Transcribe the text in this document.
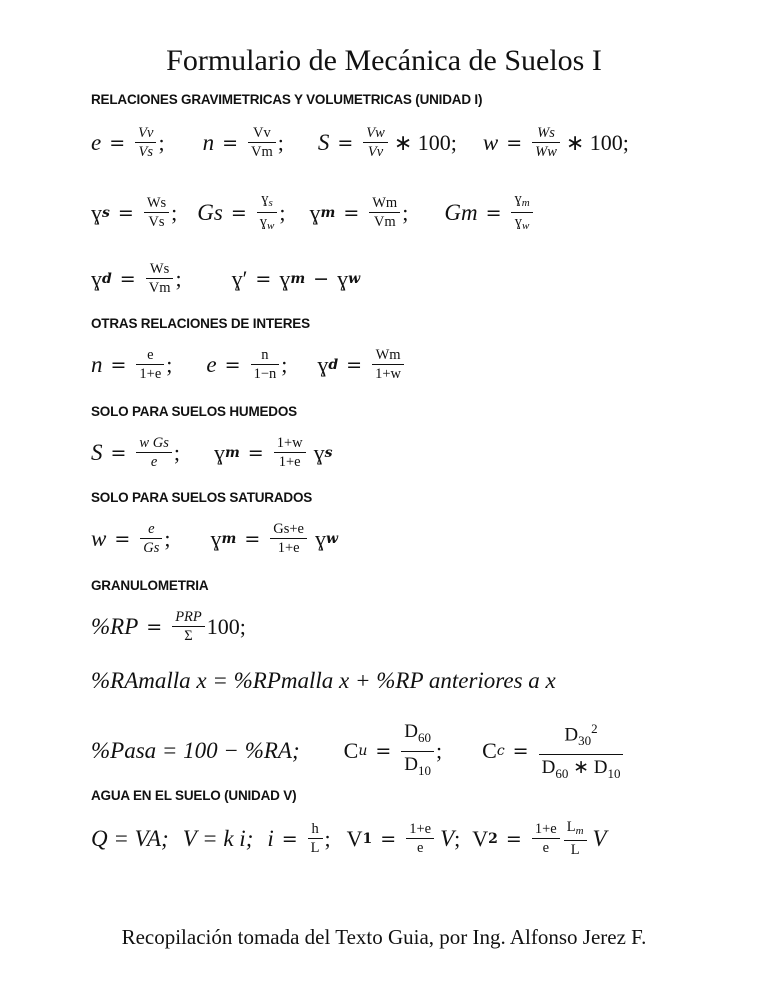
Formulario de Mecánica de Suelos I
RELACIONES GRAVIMETRICAS Y VOLUMETRICAS (UNIDAD I)
$e = \frac{Vv}{Vs}$ ; $n = \frac{Vv}{Vm}$ ; $S = \frac{Vw}{Vv}$ ∗ 100; $w = \frac{Ws}{Ww}$ ∗ 100;
ɣ $s = \frac{Ws}{Vs}$ ; $Gs = \frac{ɣ_s}{ɣ_w}$ ; ɣ $m = \frac{Wm}{Vm}$ ; $Gm = \frac{ɣ_m}{ɣ_w}$
ɣ $d = \frac{Ws}{Vm}$ ; ɣ ′ = ɣ m − ɣ w
OTRAS RELACIONES DE INTERES
$n = \frac{e}{1+e}$ ; $e = \frac{n}{1-n}$ ; ɣ $d = \frac{Wm}{1+w}$
SOLO PARA SUELOS HUMEDOS
$S = \frac{\text{w Gs}}{e}$ ; ɣ $m = \frac{1+w}{1+e}$ ɣ s
SOLO PARA SUELOS SATURADOS
$w = \frac{e}{Gs}$ ; ɣ $m = \frac{Gs+e}{1+e}$ ɣ w
GRANULOMETRIA
$\%RP = \frac{\text{PRP}}{\Sigma} 100$;
%RAmalla x = %RPmalla x + %RP anteriores a x
%Pasa = 100 − %RA; C $u = \frac{D_{60}}{D_{10}}$ ; C $c = \frac{D_{30}^2}{D_{60} ∗ D_{10}}$
AGUA EN EL SUELO (UNIDAD V)
Q = VA; V = k i; $i = \frac{h}{L}$ ; V $1 = \frac{1+e}{e}$ V ; V $2 = \frac{1+e}{e} \frac{L_m}{L}$ V
Recopilación tomada del Texto Guia, por Ing. Alfonso Jerez F.
